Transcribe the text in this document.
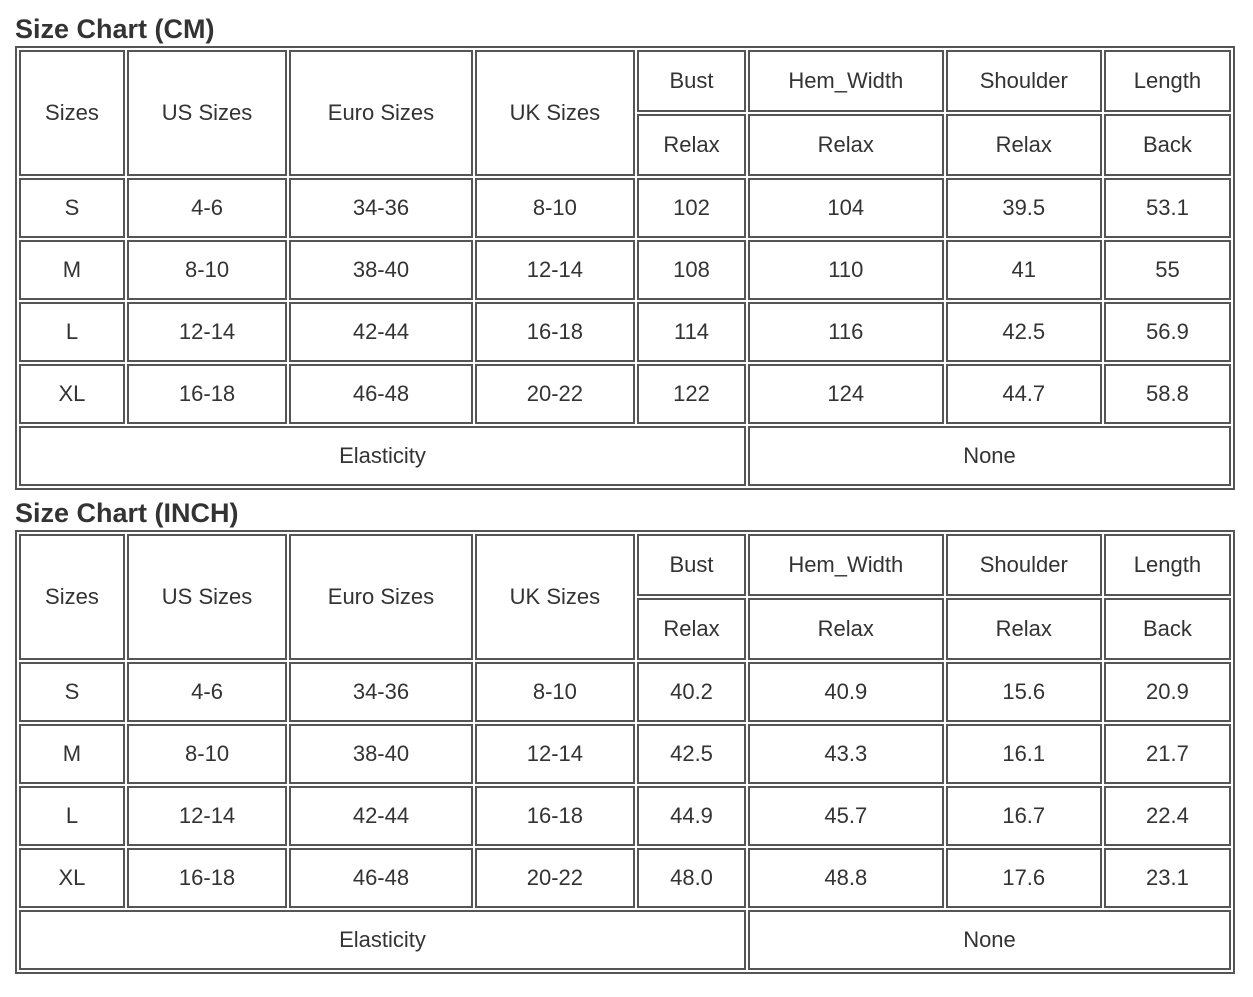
Size Chart (CM)
Sizes	US Sizes	Euro Sizes	UK Sizes	Bust	Hem_Width	Shoulder	Length
				Relax	Relax	Relax	Back
S	4-6	34-36	8-10	102	104	39.5	53.1
M	8-10	38-40	12-14	108	110	41	55
L	12-14	42-44	16-18	114	116	42.5	56.9
XL	16-18	46-48	20-22	122	124	44.7	58.8
Elasticity					None		
Size Chart (INCH)
Sizes	US Sizes	Euro Sizes	UK Sizes	Bust	Hem_Width	Shoulder	Length
				Relax	Relax	Relax	Back
S	4-6	34-36	8-10	40.2	40.9	15.6	20.9
M	8-10	38-40	12-14	42.5	43.3	16.1	21.7
L	12-14	42-44	16-18	44.9	45.7	16.7	22.4
XL	16-18	46-48	20-22	48.0	48.8	17.6	23.1
Elasticity					None		
